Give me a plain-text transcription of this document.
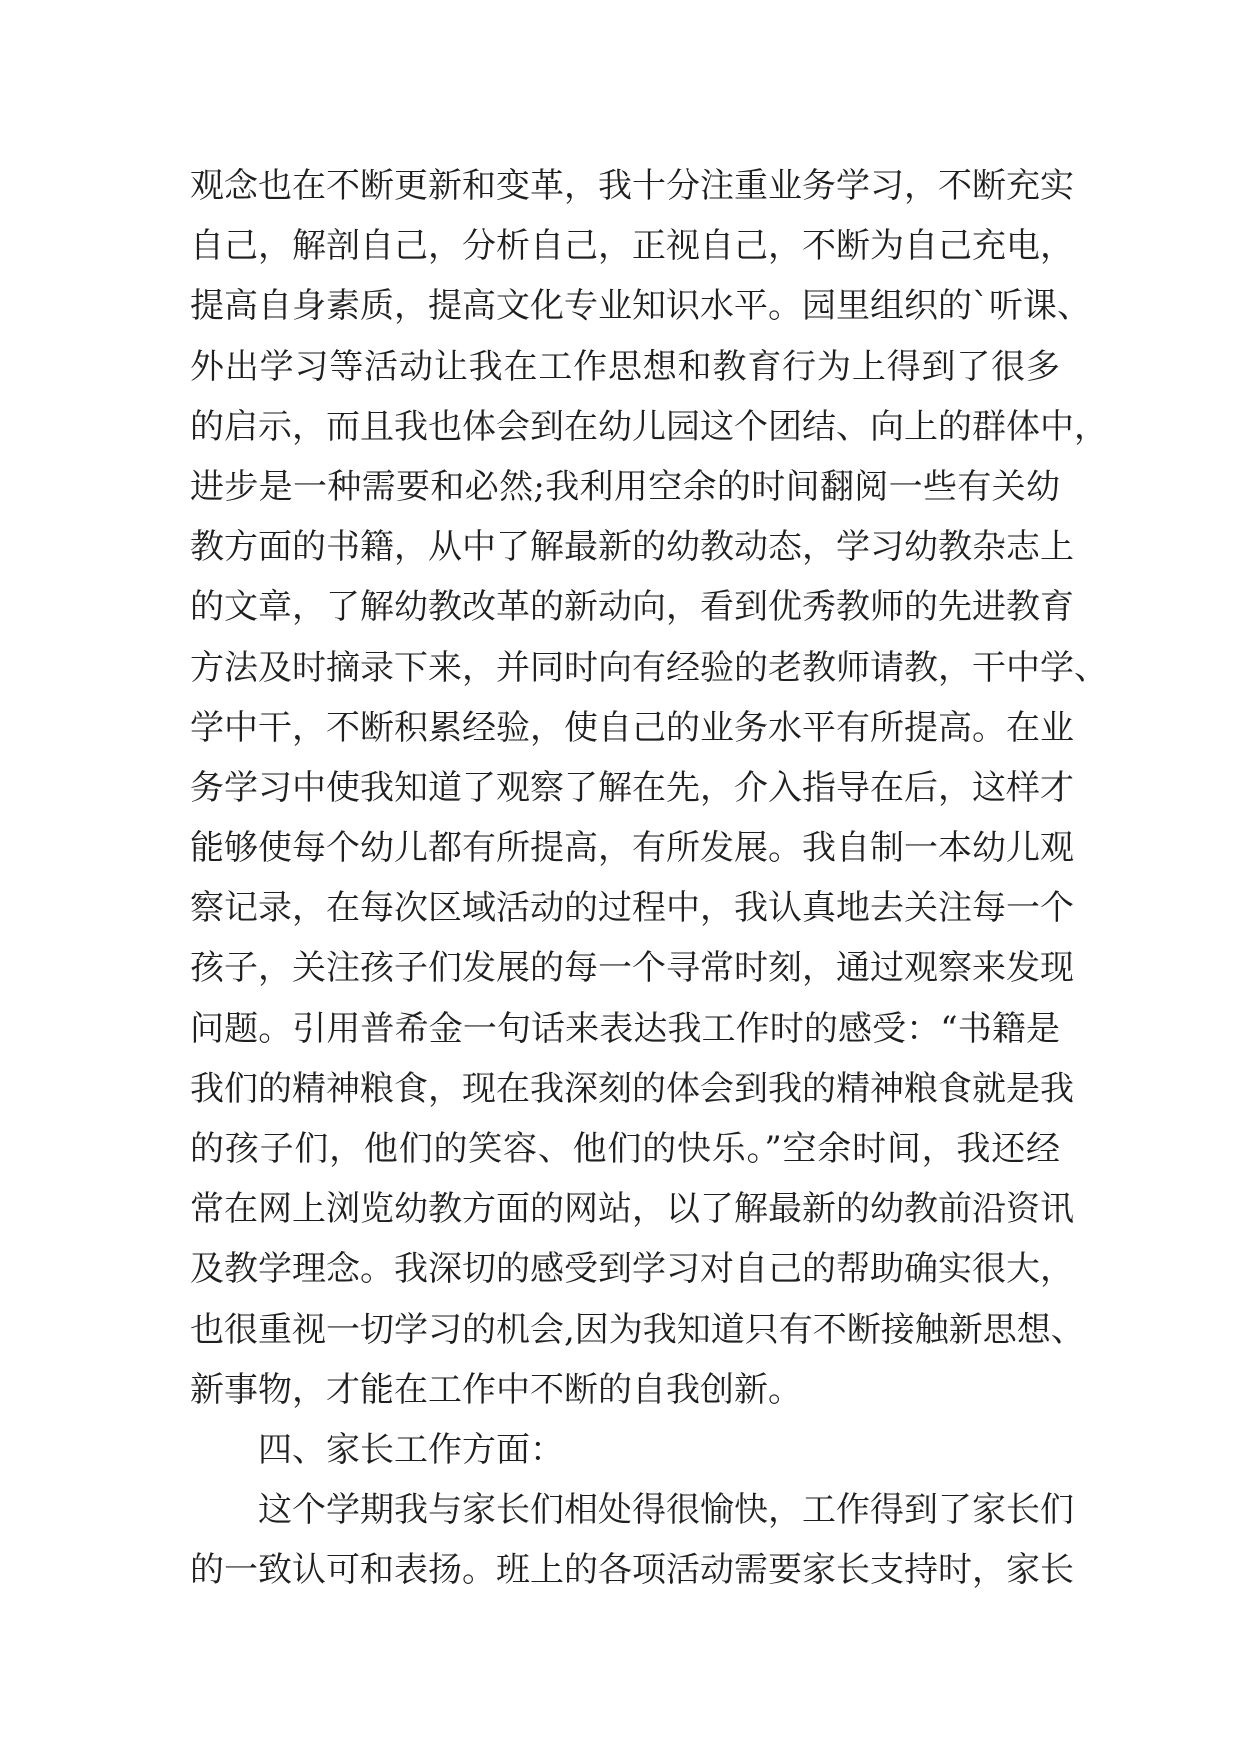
观念也在不断更新和变革，我十分注重业务学习，不断充实
自己，解剖自己，分析自己，正视自己，不断为自己充电，
提高自身素质，提高文化专业知识水平。园里组织的`听课、
外出学习等活动让我在工作思想和教育行为上得到了很多
的启示，而且我也体会到在幼儿园这个团结、向上的群体中，
进步是一种需要和必然;我利用空余的时间翻阅一些有关幼
教方面的书籍，从中了解最新的幼教动态，学习幼教杂志上
的文章，了解幼教改革的新动向，看到优秀教师的先进教育
方法及时摘录下来，并同时向有经验的老教师请教，干中学、
学中干，不断积累经验，使自己的业务水平有所提高。在业
务学习中使我知道了观察了解在先，介入指导在后，这样才
能够使每个幼儿都有所提高，有所发展。我自制一本幼儿观
察记录，在每次区域活动的过程中，我认真地去关注每一个
孩子，关注孩子们发展的每一个寻常时刻，通过观察来发现
问题。引用普希金一句话来表达我工作时的感受：“书籍是
我们的精神粮食，现在我深刻的体会到我的精神粮食就是我
的孩子们，他们的笑容、他们的快乐。”空余时间，我还经
常在网上浏览幼教方面的网站，以了解最新的幼教前沿资讯
及教学理念。我深切的感受到学习对自己的帮助确实很大，
也很重视一切学习的机会,因为我知道只有不断接触新思想、
新事物，才能在工作中不断的自我创新。
四、家长工作方面：
这个学期我与家长们相处得很愉快，工作得到了家长们
的一致认可和表扬。班上的各项活动需要家长支持时，家长
